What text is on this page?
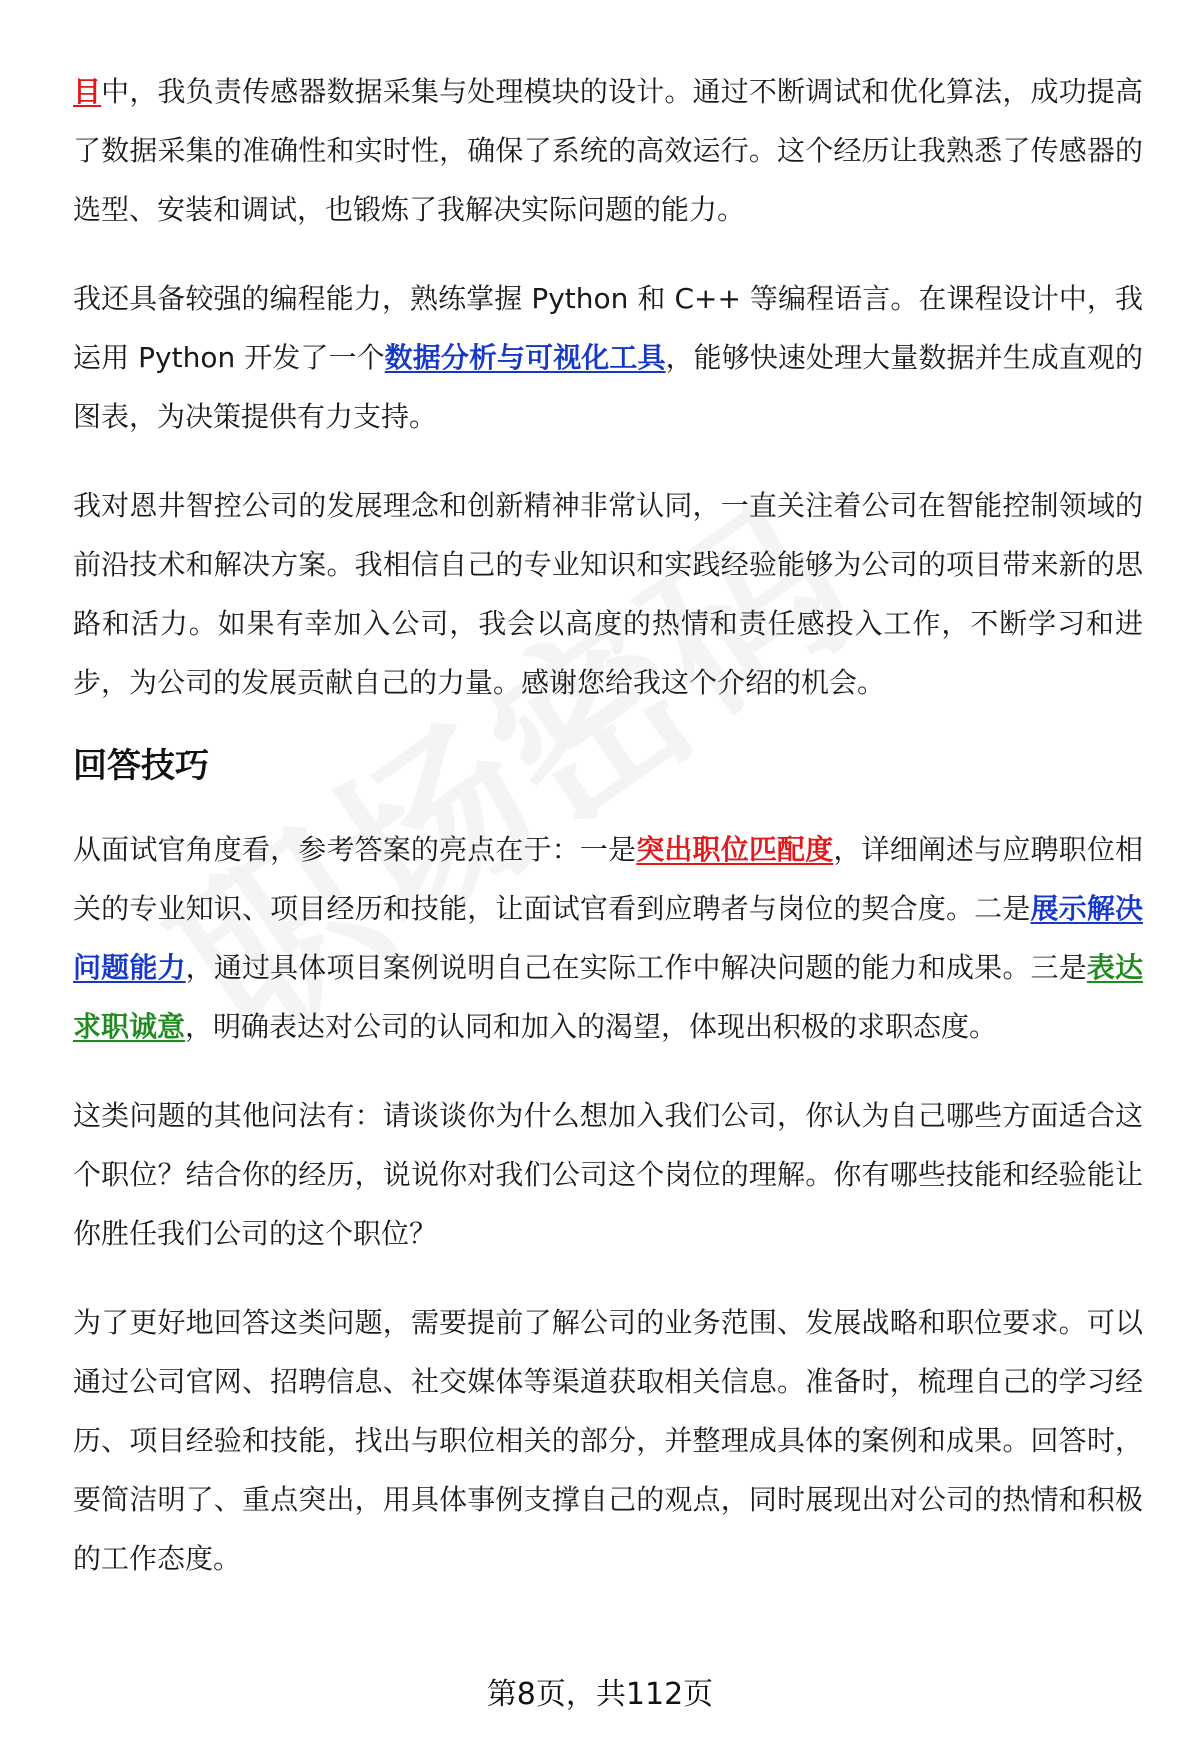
目中，我负责传感器数据采集与处理模块的设计。通过不断调试和优化算法，成功提高了数据采集的准确性和实时性，确保了系统的高效运行。这个经历让我熟悉了传感器的选型、安装和调试，也锻炼了我解决实际问题的能力。

我还具备较强的编程能力，熟练掌握 Python 和 C++ 等编程语言。在课程设计中，我运用 Python 开发了一个数据分析与可视化工具，能够快速处理大量数据并生成直观的图表，为决策提供有力支持。

我对恩井智控公司的发展理念和创新精神非常认同，一直关注着公司在智能控制领域的前沿技术和解决方案。我相信自己的专业知识和实践经验能够为公司的项目带来新的思路和活力。如果有幸加入公司，我会以高度的热情和责任感投入工作，不断学习和进步，为公司的发展贡献自己的力量。感谢您给我这个介绍的机会。

回答技巧

从面试官角度看，参考答案的亮点在于：一是突出职位匹配度，详细阐述与应聘职位相关的专业知识、项目经历和技能，让面试官看到应聘者与岗位的契合度。二是展示解决问题能力，通过具体项目案例说明自己在实际工作中解决问题的能力和成果。三是表达求职诚意，明确表达对公司的认同和加入的渴望，体现出积极的求职态度。

这类问题的其他问法有：请谈谈你为什么想加入我们公司，你认为自己哪些方面适合这个职位？结合你的经历，说说你对我们公司这个岗位的理解。你有哪些技能和经验能让你胜任我们公司的这个职位？

为了更好地回答这类问题，需要提前了解公司的业务范围、发展战略和职位要求。可以通过公司官网、招聘信息、社交媒体等渠道获取相关信息。准备时，梳理自己的学习经历、项目经验和技能，找出与职位相关的部分，并整理成具体的案例和成果。回答时，要简洁明了、重点突出，用具体事例支撑自己的观点，同时展现出对公司的热情和积极的工作态度。

第8页，共112页
